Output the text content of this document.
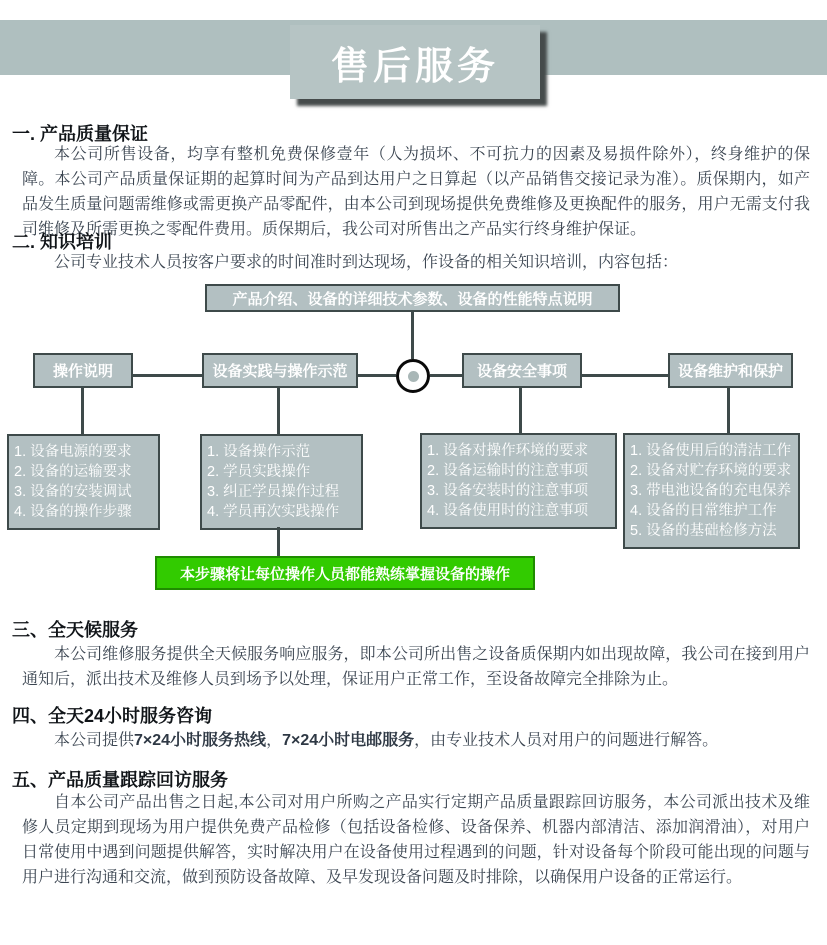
售后服务
一. 产品质量保证
本公司所售设备，均享有整机免费保修壹年（人为损坏、不可抗力的因素及易损件除外），终身维护的保障。本公司产品质量保证期的起算时间为产品到达用户之日算起（以产品销售交接记录为准）。质保期内，如产品发生质量问题需维修或需更换产品零配件，由本公司到现场提供免费维修及更换配件的服务，用户无需支付我司维修及所需更换之零配件费用。质保期后，我公司对所售出之产品实行终身维护保证。
二. 知识培训
公司专业技术人员按客户要求的时间准时到达现场，作设备的相关知识培训，内容包括：
产品介绍、设备的详细技术参数、设备的性能特点说明
操作说明	设备实践与操作示范	设备安全事项	设备维护和保护
1. 设备电源的要求
2. 设备的运输要求
3. 设备的安装调试
4. 设备的操作步骤
1. 设备操作示范
2. 学员实践操作
3. 纠正学员操作过程
4. 学员再次实践操作
1. 设备对操作环境的要求
2. 设备运输时的注意事项
3. 设备安装时的注意事项
4. 设备使用时的注意事项
1. 设备使用后的清洁工作
2. 设备对贮存环境的要求
3. 带电池设备的充电保养
4. 设备的日常维护工作
5. 设备的基础检修方法
本步骤将让每位操作人员都能熟练掌握设备的操作
三、全天候服务
本公司维修服务提供全天候服务响应服务，即本公司所出售之设备质保期内如出现故障，我公司在接到用户通知后，派出技术及维修人员到场予以处理，保证用户正常工作，至设备故障完全排除为止。
四、全天24小时服务咨询
本公司提供7×24小时服务热线，7×24小时电邮服务，由专业技术人员对用户的问题进行解答。
五、产品质量跟踪回访服务
自本公司产品出售之日起,本公司对用户所购之产品实行定期产品质量跟踪回访服务，本公司派出技术及维修人员定期到现场为用户提供免费产品检修（包括设备检修、设备保养、机器内部清洁、添加润滑油），对用户日常使用中遇到问题提供解答，实时解决用户在设备使用过程遇到的问题，针对设备每个阶段可能出现的问题与用户进行沟通和交流，做到预防设备故障、及早发现设备问题及时排除，以确保用户设备的正常运行。
